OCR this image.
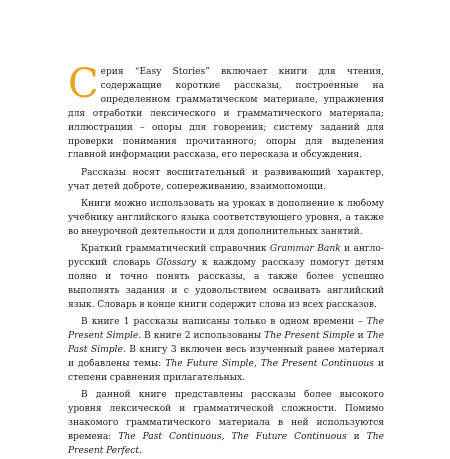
Серия “Easy Stories” включает книги для чтения, содержащие короткие рассказы, построенные на определенном грамматическом материале, упражнения для отработки лексического и грамматического материала; иллюстрации – опоры для говорения; систему заданий для проверки понимания прочитанного; опоры для выделения главной информации рассказа, его пересказа и обсуждения.

Рассказы носят воспитательный и развивающий характер, учат детей доброте, сопереживанию, взаимопомощи.

Книги можно использовать на уроках в дополнение к любому учебнику английского языка соответствующего уровня, а также во внеурочной деятельности и для дополнительных занятий.

Краткий грамматический справочник Grammar Bank и англо-русский словарь Glossary к каждому рассказу помогут детям полно и точно понять рассказы, а также более успешно выполнять задания и с удовольствием осваивать английский язык. Словарь в конце книги содержит слова из всех рассказов.

В книге 1 рассказы написаны только в одном времени – The Present Simple. В книге 2 использованы The Present Simple и The Past Simple. В книгу 3 включен весь изученный ранее материал и добавлены темы: The Future Simple, The Present Continuous и степени сравнения прилагательных.

В данной книге представлены рассказы более высокого уровня лексической и грамматической сложности. Помимо знакомого грамматического материала в ней используются времена: The Past Continuous, The Future Continuous и The Present Perfect.
